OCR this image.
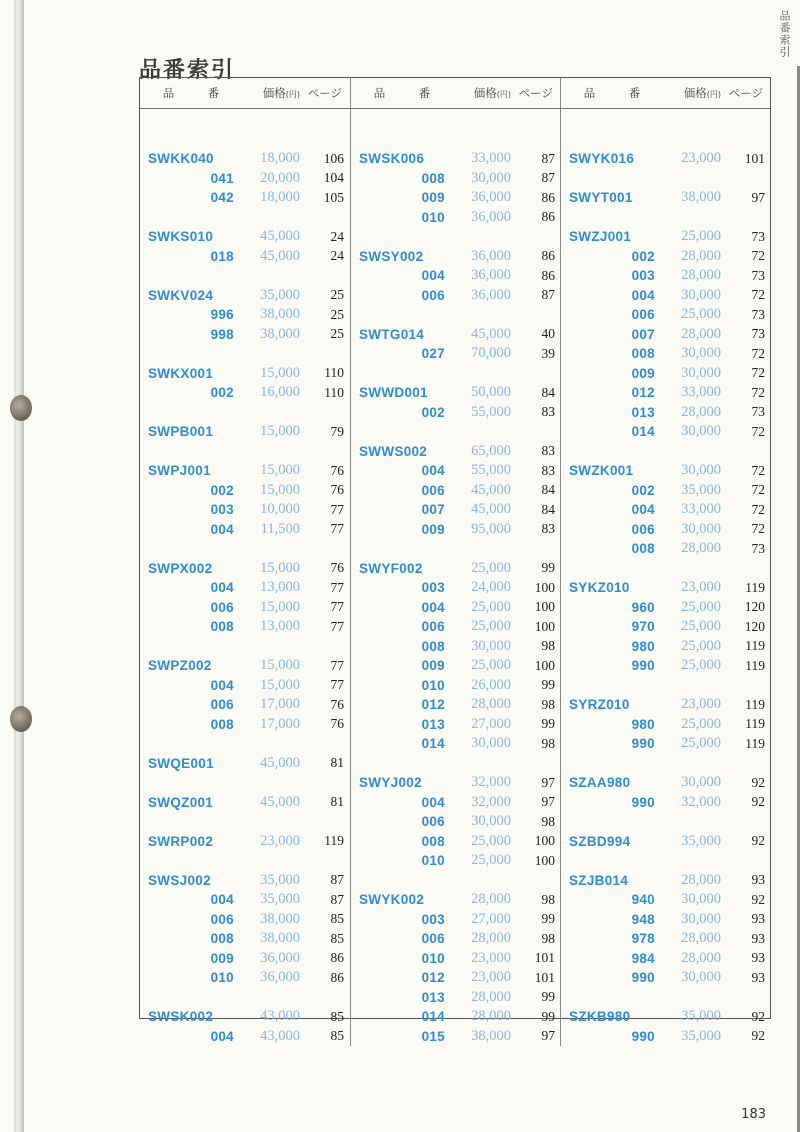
品番索引
品番索引
品	番	価格(円) ページ	品	番	価格(円) ページ	品	番	価格(円) ページ
SWKK040	18,000	106
041	20,000	104
042	18,000	105
SWKS010	45,000	24
018	45,000	24
SWKV024	35,000	25
996	38,000	25
998	38,000	25
SWKX001	15,000	110
002	16,000	110
SWPB001	15,000	79
SWPJ001	15,000	76
002	15,000	76
003	10,000	77
004	11,500	77
SWPX002	15,000	76
004	13,000	77
006	15,000	77
008	13,000	77
SWPZ002	15,000	77
004	15,000	77
006	17,000	76
008	17,000	76
SWQE001	45,000	81
SWQZ001	45,000	81
SWRP002	23,000	119
SWSJ002	35,000	87
004	35,000	87
006	38,000	85
008	38,000	85
009	36,000	86
010	36,000	86
SWSK002	43,000	85
004	43,000	85
SWSK006	33,000	87
008	30,000	87
009	36,000	86
010	36,000	86
SWSY002	36,000	86
004	36,000	86
006	36,000	87
SWTG014	45,000	40
027	70,000	39
SWWD001	50,000	84
002	55,000	83
SWWS002	65,000	83
004	55,000	83
006	45,000	84
007	45,000	84
009	95,000	83
SWYF002	25,000	99
003	24,000	100
004	25,000	100
006	25,000	100
008	30,000	98
009	25,000	100
010	26,000	99
012	28,000	98
013	27,000	99
014	30,000	98
SWYJ002	32,000	97
004	32,000	97
006	30,000	98
008	25,000	100
010	25,000	100
SWYK002	28,000	98
003	27,000	99
006	28,000	98
010	23,000	101
012	23,000	101
013	28,000	99
014	28,000	99
015	38,000	97
SWYK016	23,000	101
SWYT001	38,000	97
SWZJ001	25,000	73
002	28,000	72
003	28,000	73
004	30,000	72
006	25,000	73
007	28,000	73
008	30,000	72
009	30,000	72
012	33,000	72
013	28,000	73
014	30,000	72
SWZK001	30,000	72
002	35,000	72
004	33,000	72
006	30,000	72
008	28,000	73
SYKZ010	23,000	119
960	25,000	120
970	25,000	120
980	25,000	119
990	25,000	119
SYRZ010	23,000	119
980	25,000	119
990	25,000	119
SZAA980	30,000	92
990	32,000	92
SZBD994	35,000	92
SZJB014	28,000	93
940	30,000	92
948	30,000	93
978	28,000	93
984	28,000	93
990	30,000	93
SZKB980	35,000	92
990	35,000	92
183
